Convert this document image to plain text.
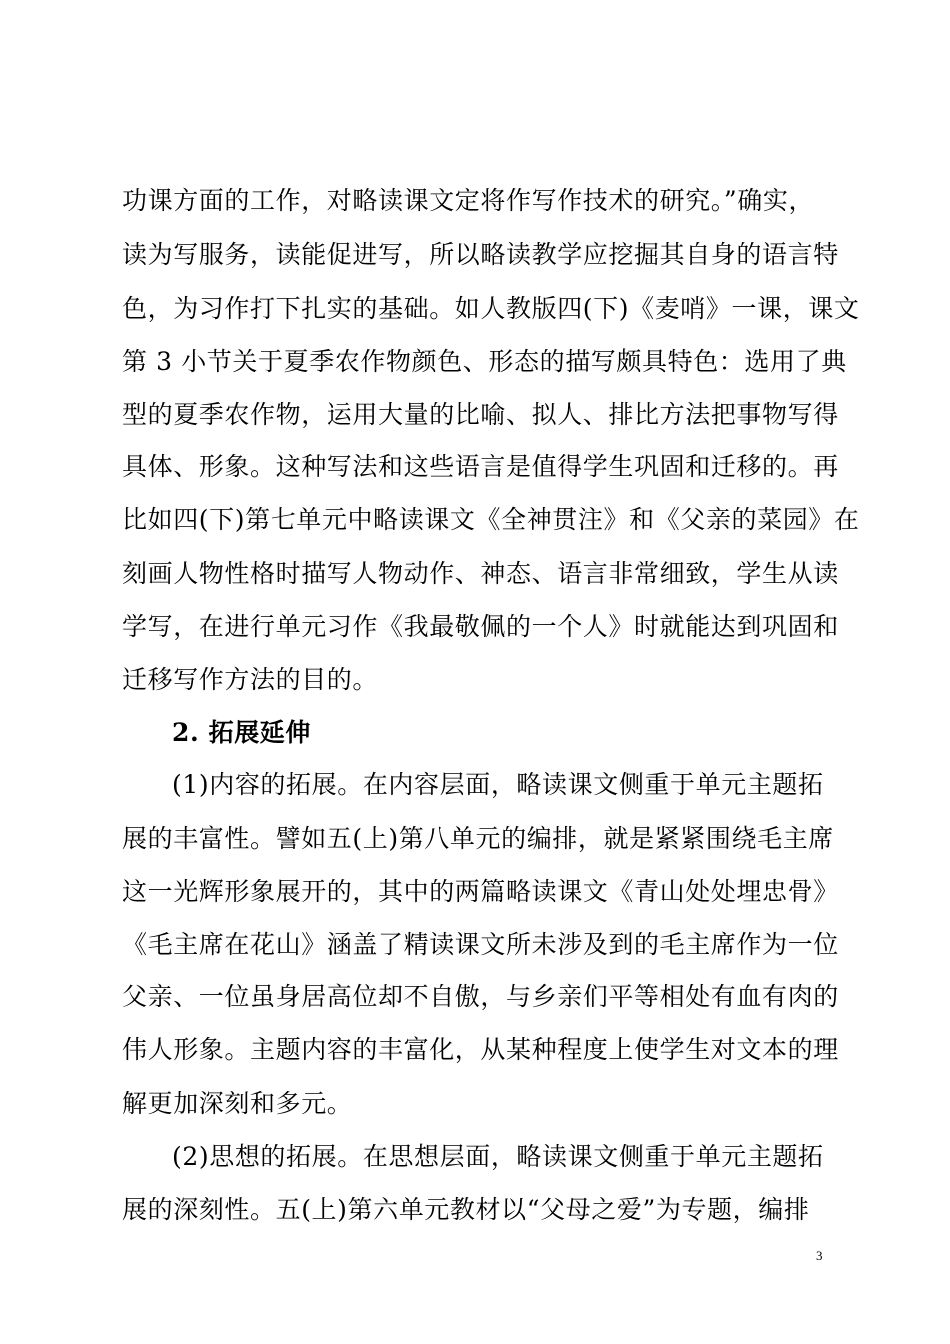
功课方面的工作，对略读课文定将作写作技术的研究。”确实，
读为写服务，读能促进写，所以略读教学应挖掘其自身的语言特
色，为习作打下扎实的基础。如人教版四(下)《麦哨》一课，课文
第 3 小节关于夏季农作物颜色、形态的描写颇具特色：选用了典
型的夏季农作物，运用大量的比喻、拟人、排比方法把事物写得
具体、形象。这种写法和这些语言是值得学生巩固和迁移的。再
比如四(下)第七单元中略读课文《全神贯注》和《父亲的菜园》在
刻画人物性格时描写人物动作、神态、语言非常细致，学生从读
学写，在进行单元习作《我最敬佩的一个人》时就能达到巩固和
迁移写作方法的目的。
2. 拓展延伸
(1)内容的拓展。在内容层面，略读课文侧重于单元主题拓
展的丰富性。譬如五(上)第八单元的编排，就是紧紧围绕毛主席
这一光辉形象展开的，其中的两篇略读课文《青山处处埋忠骨》
《毛主席在花山》涵盖了精读课文所未涉及到的毛主席作为一位
父亲、一位虽身居高位却不自傲，与乡亲们平等相处有血有肉的
伟人形象。主题内容的丰富化，从某种程度上使学生对文本的理
解更加深刻和多元。
(2)思想的拓展。在思想层面，略读课文侧重于单元主题拓
展的深刻性。五(上)第六单元教材以“父母之爱”为专题，编排
3
